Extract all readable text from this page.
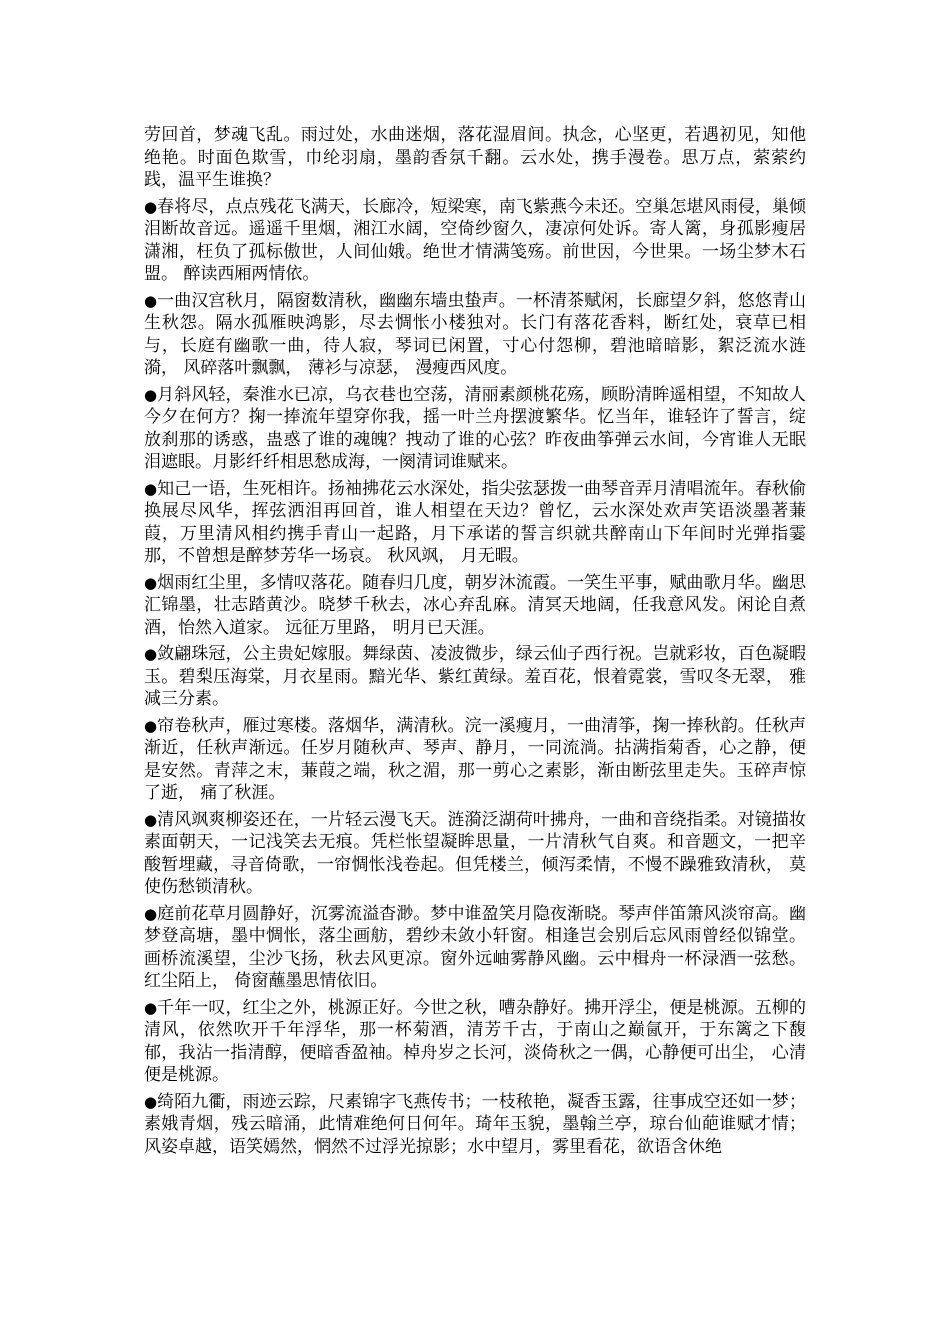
劳回首，梦魂飞乱。雨过处，水曲迷烟，落花湿眉间。执念，心坚更，若遇初见，知他绝艳。时面色欺雪，巾纶羽扇，墨韵香氛千翻。云水处，携手漫卷。思万点，萦萦约践，温平生谁换？

●春将尽，点点残花飞满天，长廊冷，短梁寒，南飞紫燕今未还。空巢怎堪风雨侵，巢倾泪断故音远。遥遥千里烟，湘江水阔，空倚纱窗久，凄凉何处诉。寄人篱，身孤影瘦居潇湘，枉负了孤标傲世，人间仙娥。绝世才情满笺殇。前世因，今世果。一场尘梦木石盟。 醉读西厢两情依。

●一曲汉宫秋月，隔窗数清秋，幽幽东墙虫蛰声。一杯清茶赋闲，长廊望夕斜，悠悠青山生秋怨。隔水孤雁映鸿影，尽去惆怅小楼独对。长门有落花香料，断红处，衰草已相与，长庭有幽歌一曲，待人寂，琴词已闲置，寸心付怨柳，碧池暗暗影，絮泛流水涟漪， 风碎落叶飘飘， 薄衫与凉瑟， 漫瘦西风度。

●月斜风轻，秦淮水已凉，乌衣巷也空荡，清丽素颜桃花殇，顾盼清眸遥相望，不知故人今夕在何方？掬一捧流年望穿你我，摇一叶兰舟摆渡繁华。忆当年，谁轻许了誓言，绽放刹那的诱惑，蛊惑了谁的魂魄？拽动了谁的心弦？昨夜曲筝弹云水间，今宵谁人无眠泪遮眼。月影纤纤相思愁成海，一阕清词谁赋来。

●知己一语，生死相许。扬袖拂花云水深处，指尖弦瑟拨一曲琴音弄月清唱流年。春秋偷换展尽风华，挥弦洒泪再回首，谁人相望在天边？曾忆，云水深处欢声笑语淡墨著蒹葭，万里清风相约携手青山一起路，月下承诺的誓言织就共醉南山下年间时光弹指霎那，不曾想是醉梦芳华一场哀。 秋风飒， 月无暇。

●烟雨红尘里，多情叹落花。随春归几度，朝岁沐流霞。一笑生平事，赋曲歌月华。幽思汇锦墨，壮志踏黄沙。晓梦千秋去，冰心弃乱麻。清冥天地阔，任我意风发。闲论自煮酒，怡然入道家。 远征万里路， 明月已天涯。

●敛翩珠冠，公主贵妃嫁服。舞绿茵、凌波微步，绿云仙子西行祝。岂就彩妆，百色凝暇玉。碧梨压海棠，月衣星雨。黯光华、紫红黄绿。羞百花，恨着霓裳，雪叹冬无翠， 雅减三分素。

●帘卷秋声，雁过寒楼。落烟华，满清秋。浣一溪瘦月，一曲清筝，掬一捧秋韵。任秋声渐近，任秋声渐远。任岁月随秋声、琴声、静月，一同流淌。拈满指菊香，心之静，便是安然。青萍之末，蒹葭之端，秋之湄，那一剪心之素影，渐由断弦里走失。玉碎声惊了逝， 痛了秋涯。

●清风飒爽柳姿还在，一片轻云漫飞天。涟漪泛湖荷叶拂舟，一曲和音绕指柔。对镜描妆素面朝天，一记浅笑去无痕。凭栏怅望凝眸思量，一片清秋气自爽。和音题文，一把辛酸暂埋藏，寻音倚歌，一帘惆怅浅卷起。但凭楼兰，倾泻柔情，不慢不躁雅致清秋， 莫使伤愁锁清秋。

●庭前花草月圆静好，沉雾流溢杳渺。梦中谁盈笑月隐夜渐晓。琴声伴笛箫风淡帘高。幽梦登高塘，墨中惆怅，落尘画舫，碧纱未敛小轩窗。相逢岂会别后忘风雨曾经似锦堂。画桥流溪望，尘沙飞扬，秋去风更凉。窗外远岫雾静风幽。云中楫舟一杯渌酒一弦愁。 红尘陌上， 倚窗蘸墨思情依旧。

●千年一叹，红尘之外，桃源正好。今世之秋，嘈杂静好。拂开浮尘，便是桃源。五柳的清风，依然吹开千年浮华，那一杯菊酒，清芳千古，于南山之巅氤开，于东篱之下馥郁，我沾一指清醇，便暗香盈袖。棹舟岁之长河，淡倚秋之一偶，心静便可出尘， 心清便是桃源。

●绮陌九衢，雨迹云踪，尺素锦字飞燕传书；一枝秾艳，凝香玉露，往事成空还如一梦；素娥青烟，残云暗涌，此情难绝何日何年。琦年玉貌，墨翰兰亭，琼台仙葩谁赋才情；风姿卓越，语笑嫣然，惘然不过浮光掠影；水中望月，雾里看花，欲语含休绝
